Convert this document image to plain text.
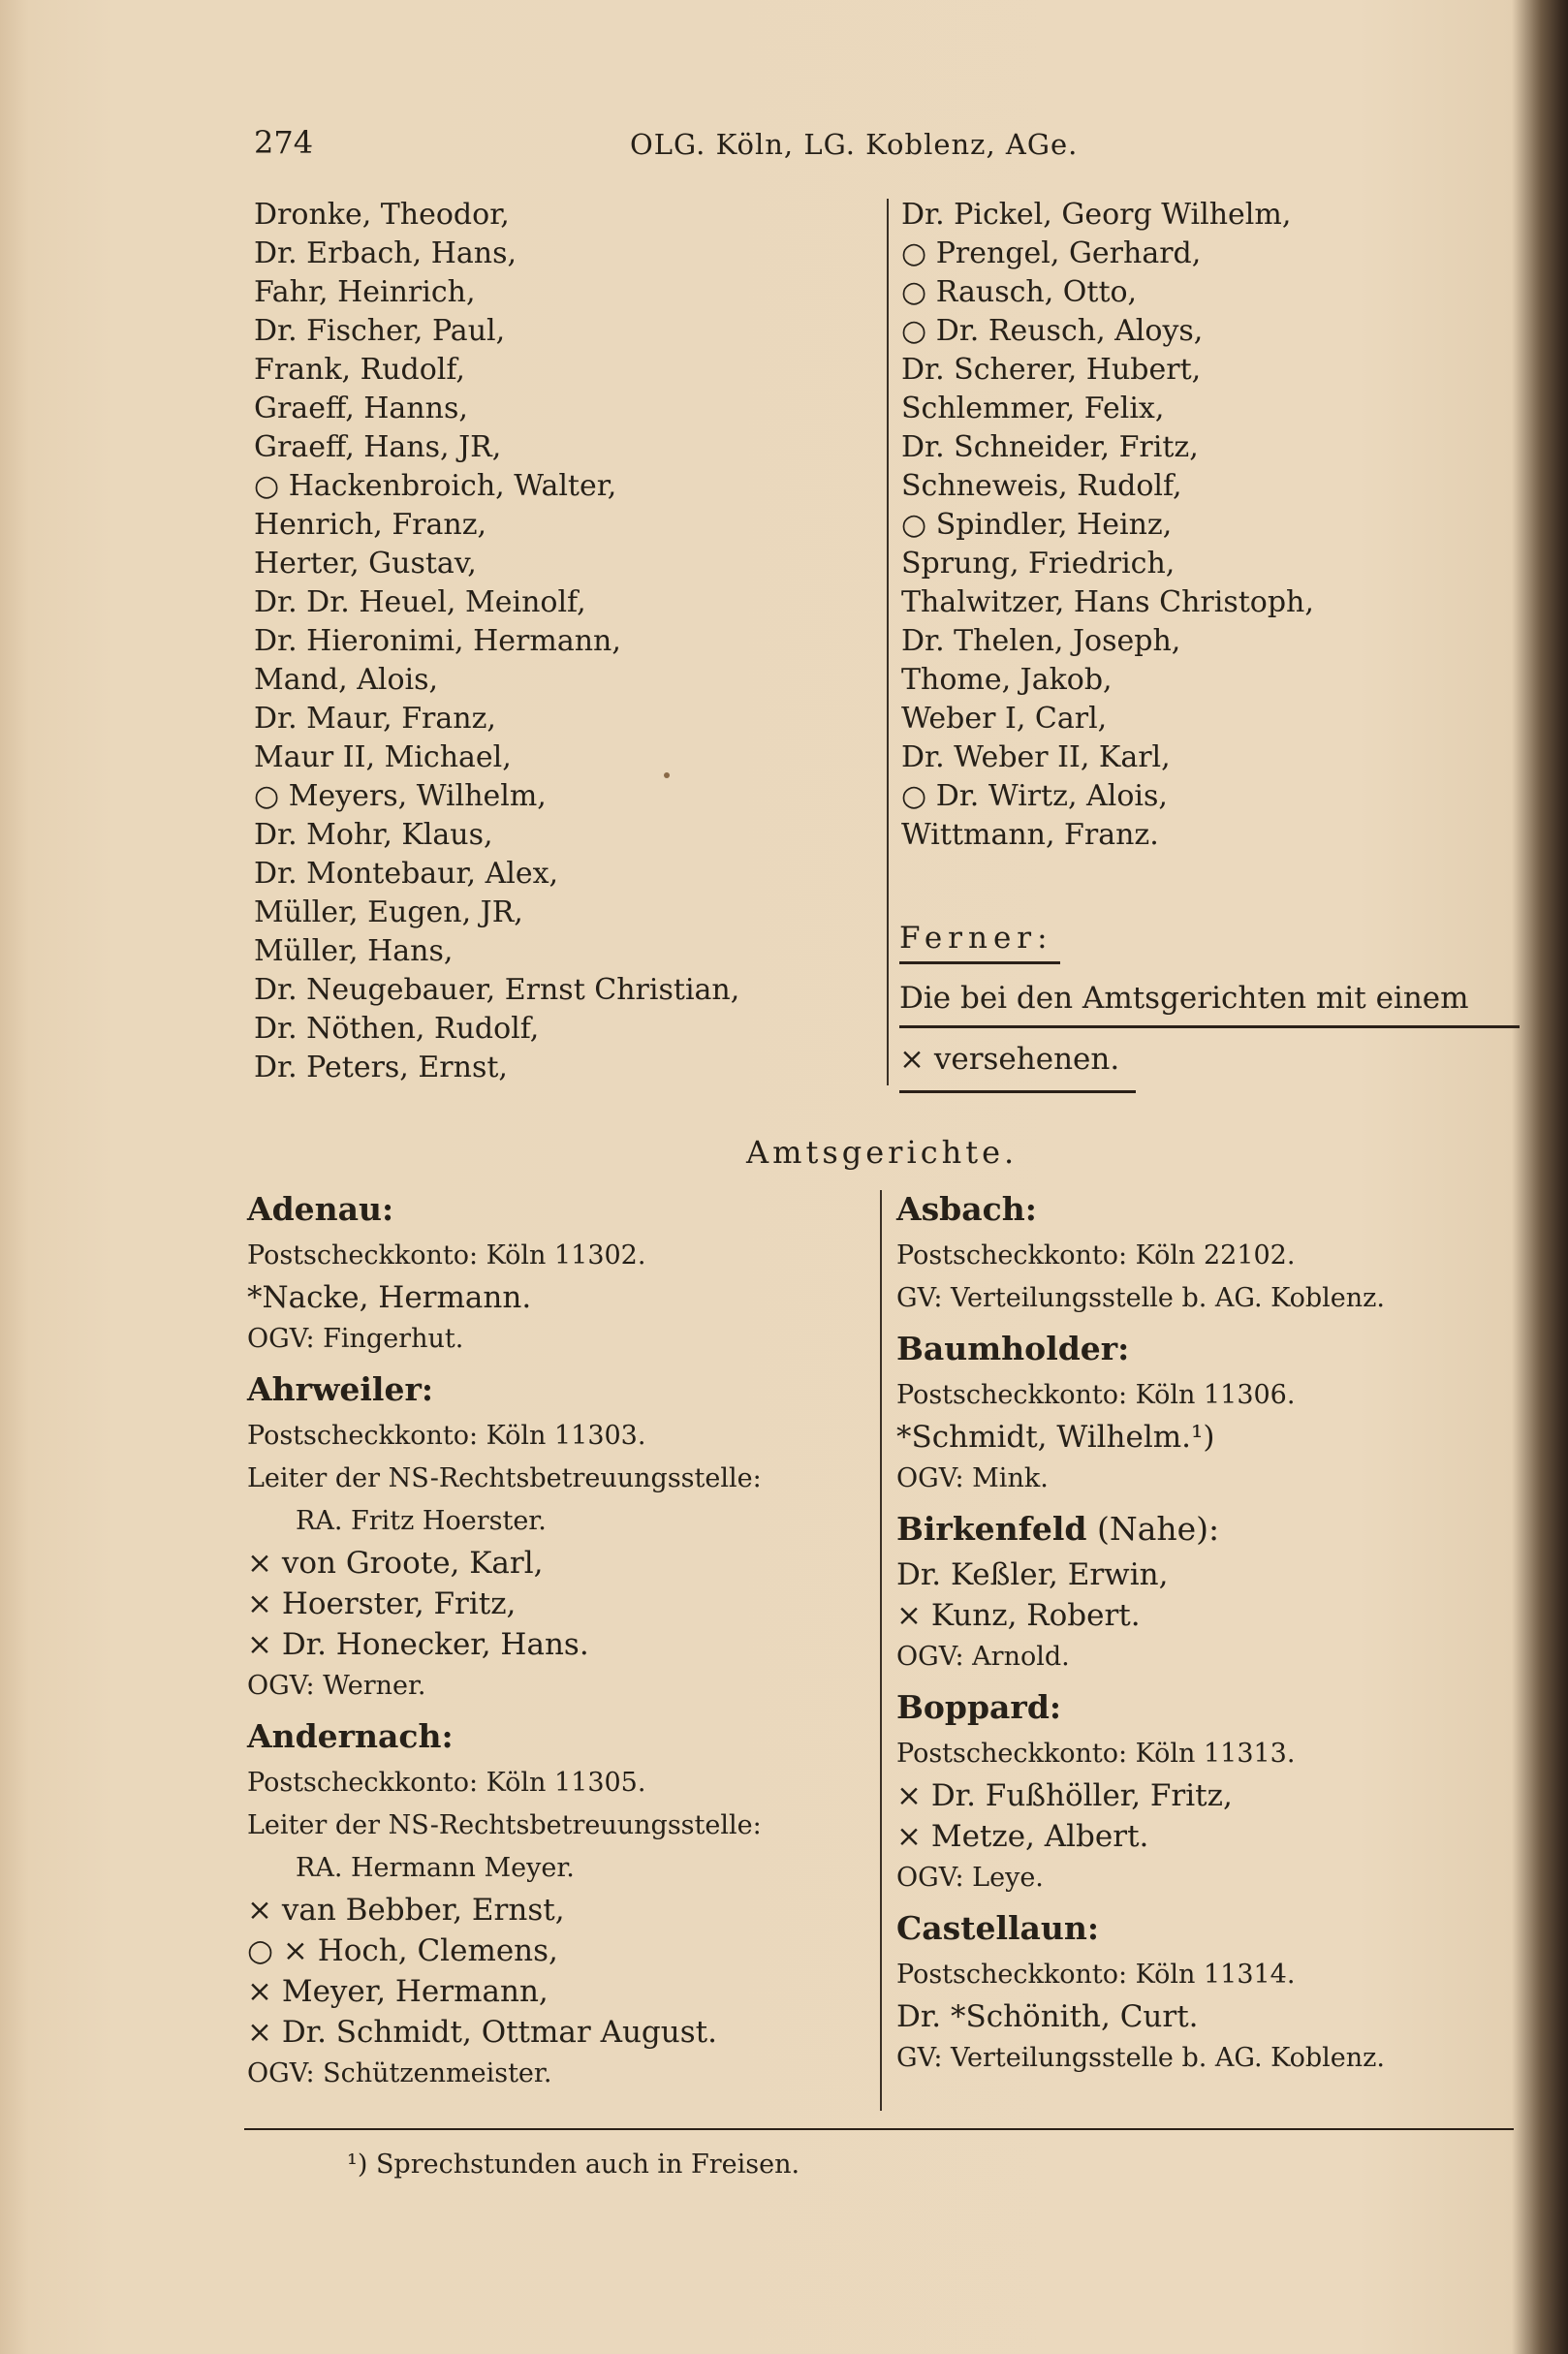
274	OLG. Köln, LG. Koblenz, AGe.
Dronke, Theodor,
Dr. Erbach, Hans,
Fahr, Heinrich,
Dr. Fischer, Paul,
Frank, Rudolf,
Graeff, Hanns,
Graeff, Hans, JR,
○ Hackenbroich, Walter,
Henrich, Franz,
Herter, Gustav,
Dr. Dr. Heuel, Meinolf,
Dr. Hieronimi, Hermann,
Mand, Alois,
Dr. Maur, Franz,
Maur II, Michael,
○ Meyers, Wilhelm,
Dr. Mohr, Klaus,
Dr. Montebaur, Alex,
Müller, Eugen, JR,
Müller, Hans,
Dr. Neugebauer, Ernst Christian,
Dr. Nöthen, Rudolf,
Dr. Peters, Ernst,
Dr. Pickel, Georg Wilhelm,
○ Prengel, Gerhard,
○ Rausch, Otto,
○ Dr. Reusch, Aloys,
Dr. Scherer, Hubert,
Schlemmer, Felix,
Dr. Schneider, Fritz,
Schneweis, Rudolf,
○ Spindler, Heinz,
Sprung, Friedrich,
Thalwitzer, Hans Christoph,
Dr. Thelen, Joseph,
Thome, Jakob,
Weber I, Carl,
Dr. Weber II, Karl,
○ Dr. Wirtz, Alois,
Wittmann, Franz.
Ferner:
Die bei den Amtsgerichten mit einem
× versehenen.
Amtsgerichte.
Adenau:
Postscheckkonto: Köln 11302.
*Nacke, Hermann.
OGV: Fingerhut.
Ahrweiler:
Postscheckkonto: Köln 11303.
Leiter der NS-Rechtsbetreuungsstelle:
RA. Fritz Hoerster.
× von Groote, Karl,
× Hoerster, Fritz,
× Dr. Honecker, Hans.
OGV: Werner.
Andernach:
Postscheckkonto: Köln 11305.
Leiter der NS-Rechtsbetreuungsstelle:
RA. Hermann Meyer.
× van Bebber, Ernst,
○ × Hoch, Clemens,
× Meyer, Hermann,
× Dr. Schmidt, Ottmar August.
OGV: Schützenmeister.
Asbach:
Postscheckkonto: Köln 22102.
GV: Verteilungsstelle b. AG. Koblenz.
Baumholder:
Postscheckkonto: Köln 11306.
*Schmidt, Wilhelm.¹)
OGV: Mink.
Birkenfeld (Nahe):
Dr. Keßler, Erwin,
× Kunz, Robert.
OGV: Arnold.
Boppard:
Postscheckkonto: Köln 11313.
× Dr. Fußhöller, Fritz,
× Metze, Albert.
OGV: Leye.
Castellaun:
Postscheckkonto: Köln 11314.
Dr. *Schönith, Curt.
GV: Verteilungsstelle b. AG. Koblenz.
¹) Sprechstunden auch in Freisen.
